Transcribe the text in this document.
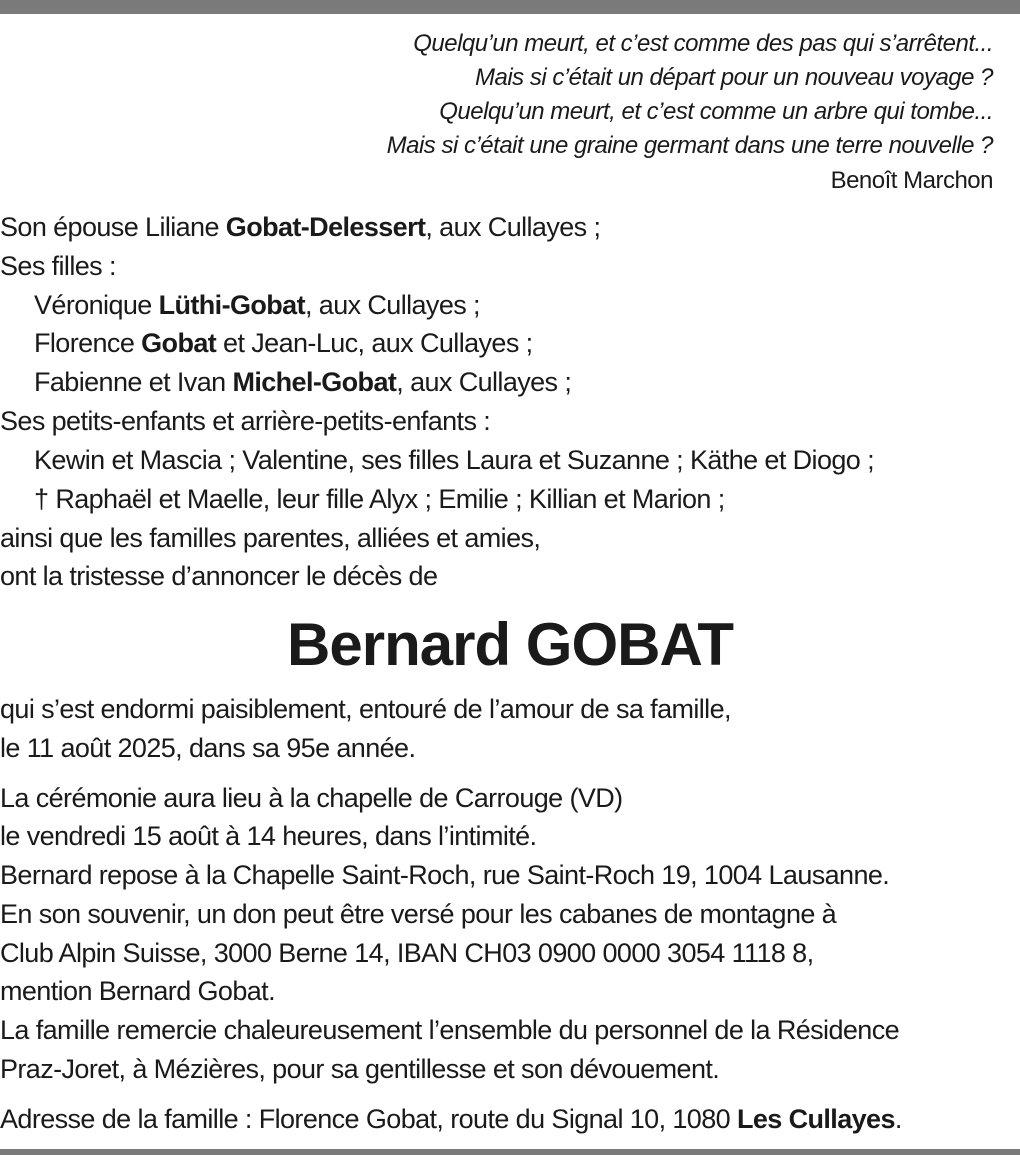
Quelqu’un meurt, et c’est comme des pas qui s’arrêtent...
Mais si c’était un départ pour un nouveau voyage ?
Quelqu’un meurt, et c’est comme un arbre qui tombe...
Mais si c’était une graine germant dans une terre nouvelle ?
Benoît Marchon
Son épouse Liliane Gobat-Delessert, aux Cullayes ;
Ses filles :
Véronique Lüthi-Gobat, aux Cullayes ;
Florence Gobat et Jean-Luc, aux Cullayes ;
Fabienne et Ivan Michel-Gobat, aux Cullayes ;
Ses petits-enfants et arrière-petits-enfants :
Kewin et Mascia ; Valentine, ses filles Laura et Suzanne ; Käthe et Diogo ;
† Raphaël et Maelle, leur fille Alyx ; Emilie ; Killian et Marion ;
ainsi que les familles parentes, alliées et amies,
ont la tristesse d’annoncer le décès de
Bernard GOBAT
qui s’est endormi paisiblement, entouré de l’amour de sa famille,
le 11 août 2025, dans sa 95e année.
La cérémonie aura lieu à la chapelle de Carrouge (VD)
le vendredi 15 août à 14 heures, dans l’intimité.
Bernard repose à la Chapelle Saint-Roch, rue Saint-Roch 19, 1004 Lausanne.
En son souvenir, un don peut être versé pour les cabanes de montagne à
Club Alpin Suisse, 3000 Berne 14, IBAN CH03 0900 0000 3054 1118 8,
mention Bernard Gobat.
La famille remercie chaleureusement l’ensemble du personnel de la Résidence
Praz-Joret, à Mézières, pour sa gentillesse et son dévouement.
Adresse de la famille : Florence Gobat, route du Signal 10, 1080 Les Cullayes.
